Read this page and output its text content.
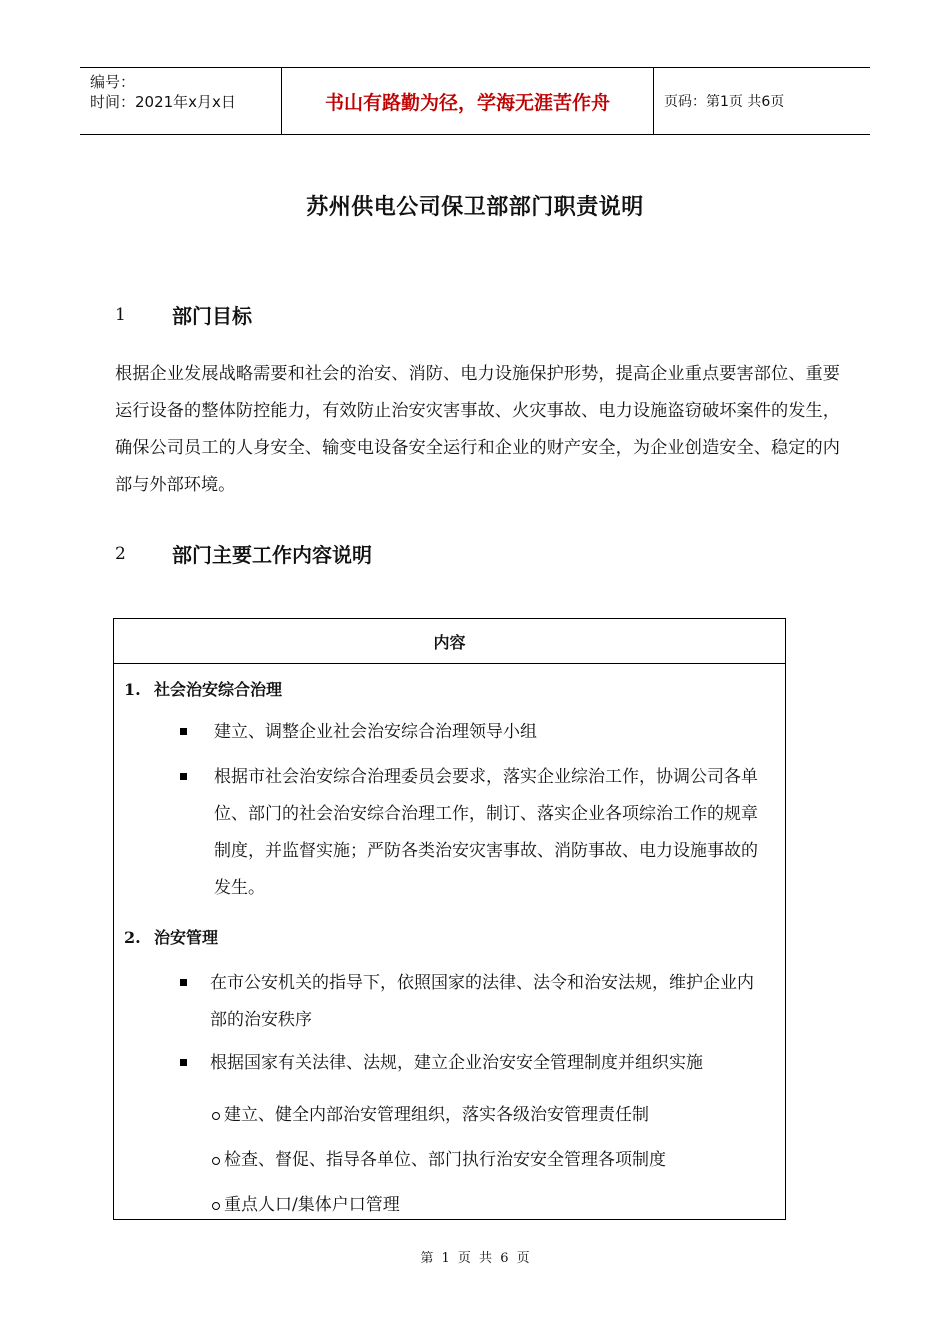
编号：
时间：2021年x月x日	书山有路勤为径，学海无涯苦作舟	页码：第1页 共6页
苏州供电公司保卫部部门职责说明
1	部门目标
根据企业发展战略需要和社会的治安、消防、电力设施保护形势，提高企业重点要害部位、重要运行设备的整体防控能力，有效防止治安灾害事故、火灾事故、电力设施盗窃破坏案件的发生，确保公司员工的人身安全、输变电设备安全运行和企业的财产安全，为企业创造安全、稳定的内部与外部环境。
2	部门主要工作内容说明
内容
1. 社会治安综合治理
建立、调整企业社会治安综合治理领导小组
根据市社会治安综合治理委员会要求，落实企业综治工作，协调公司各单位、部门的社会治安综合治理工作，制订、落实企业各项综治工作的规章制度，并监督实施；严防各类治安灾害事故、消防事故、电力设施事故的发生。
2. 治安管理
在市公安机关的指导下，依照国家的法律、法令和治安法规，维护企业内部的治安秩序
根据国家有关法律、法规，建立企业治安安全管理制度并组织实施
建立、健全内部治安管理组织，落实各级治安管理责任制
检查、督促、指导各单位、部门执行治安安全管理各项制度
重点人口/集体户口管理
第 1 页 共 6 页
